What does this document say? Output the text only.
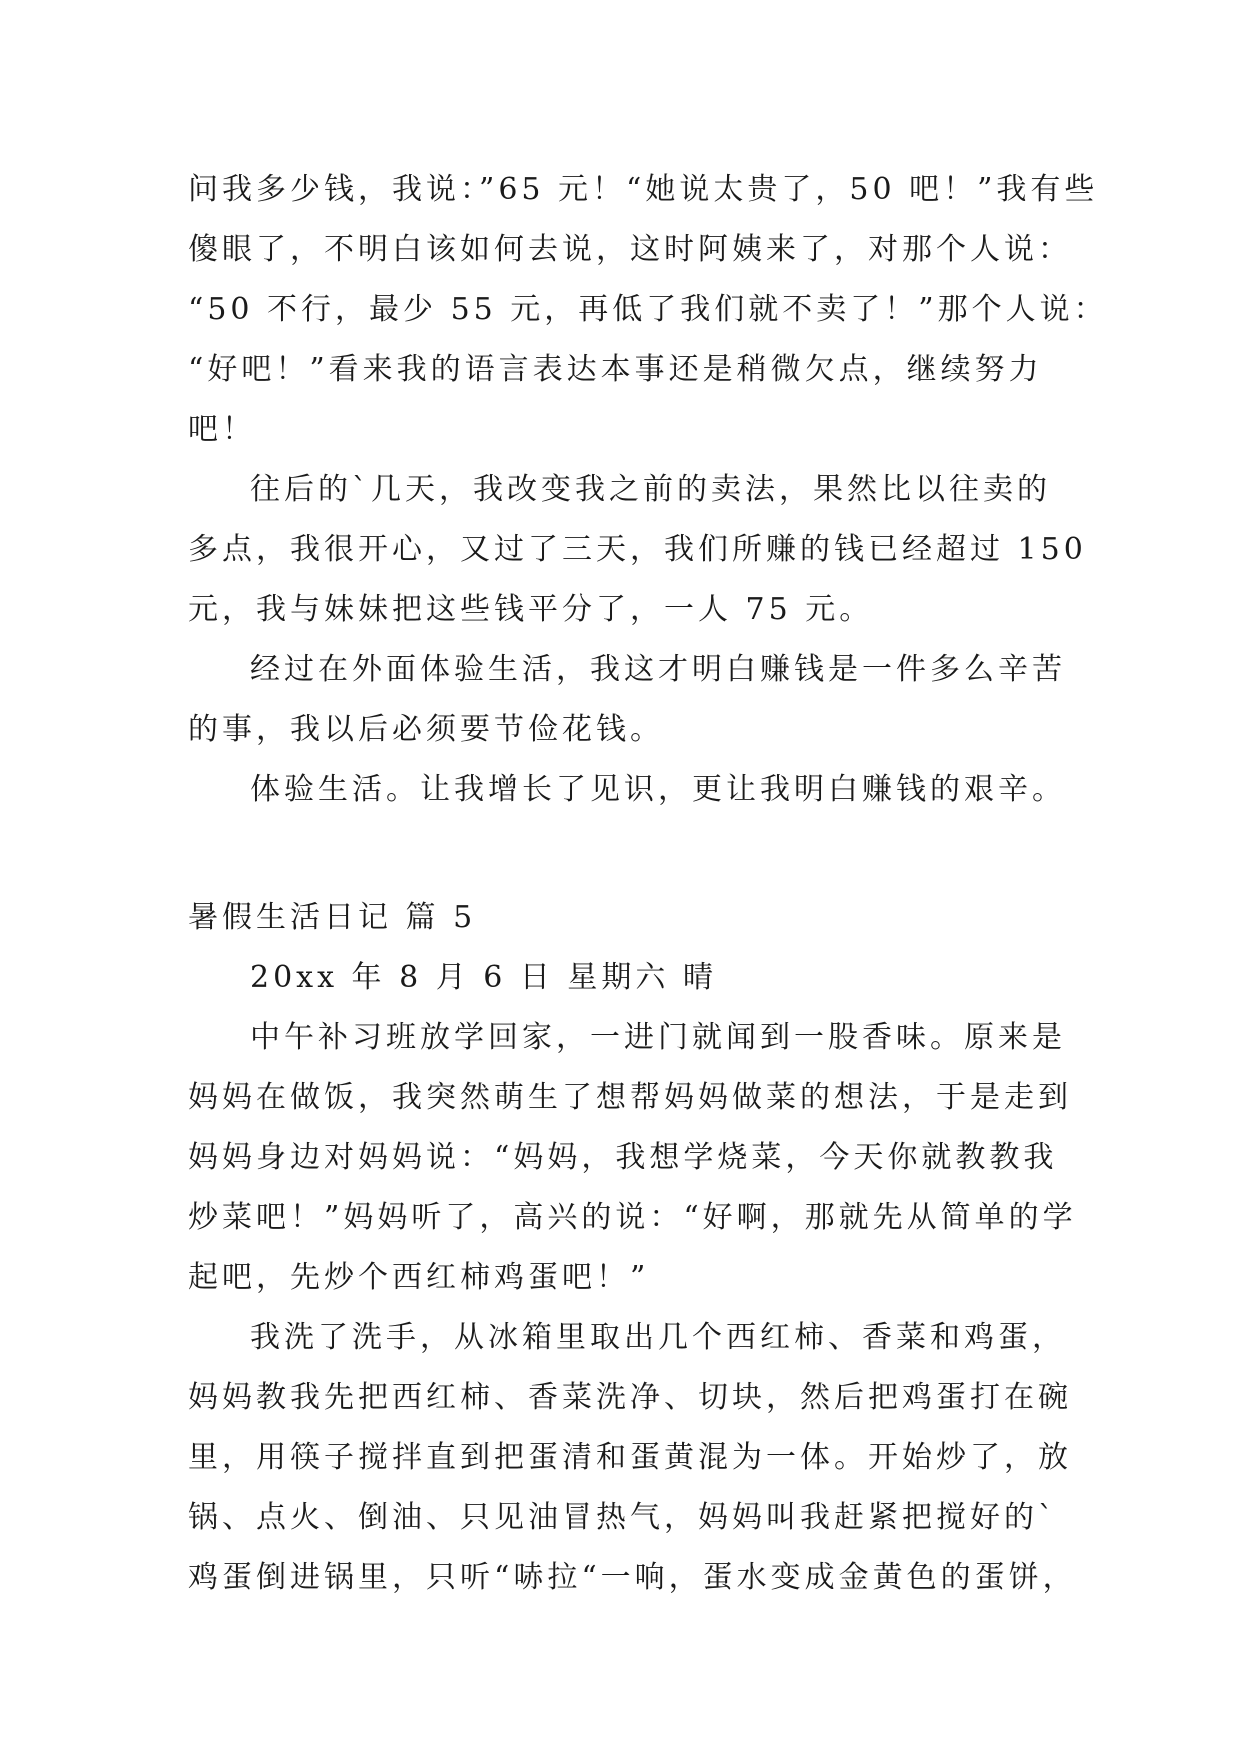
问我多少钱，我说：”65 元！“她说太贵了，50 吧！”我有些
傻眼了，不明白该如何去说，这时阿姨来了，对那个人说：
“50 不行，最少 55 元，再低了我们就不卖了！”那个人说：
“好吧！”看来我的语言表达本事还是稍微欠点，继续努力
吧！
往后的`几天，我改变我之前的卖法，果然比以往卖的
多点，我很开心，又过了三天，我们所赚的钱已经超过 150
元，我与妹妹把这些钱平分了，一人 75 元。
经过在外面体验生活，我这才明白赚钱是一件多么辛苦
的事，我以后必须要节俭花钱。
体验生活。让我增长了见识，更让我明白赚钱的艰辛。
暑假生活日记 篇 5
20xx 年 8 月 6 日 星期六 晴
中午补习班放学回家，一进门就闻到一股香味。原来是
妈妈在做饭，我突然萌生了想帮妈妈做菜的想法，于是走到
妈妈身边对妈妈说：“妈妈，我想学烧菜，今天你就教教我
炒菜吧！”妈妈听了，高兴的说：“好啊，那就先从简单的学
起吧，先炒个西红柿鸡蛋吧！”
我洗了洗手，从冰箱里取出几个西红柿、香菜和鸡蛋，
妈妈教我先把西红柿、香菜洗净、切块，然后把鸡蛋打在碗
里，用筷子搅拌直到把蛋清和蛋黄混为一体。开始炒了，放
锅、点火、倒油、只见油冒热气，妈妈叫我赶紧把搅好的`
鸡蛋倒进锅里，只听“哧拉“一响，蛋水变成金黄色的蛋饼，
